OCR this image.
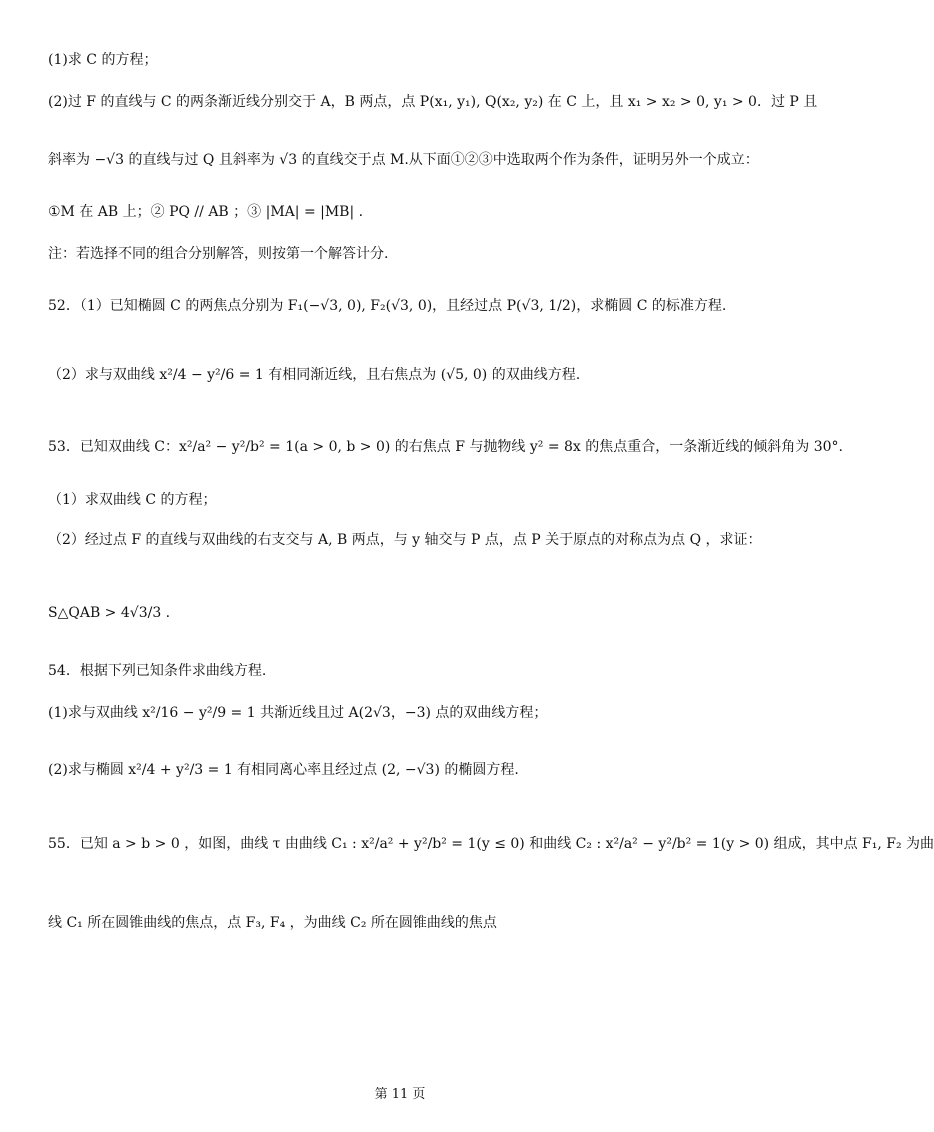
(1)求 C 的方程；
(2)过 F 的直线与 C 的两条渐近线分别交于 A，B 两点，点 P(x₁, y₁), Q(x₂, y₂) 在 C 上，且 x₁ > x₂ > 0, y₁ > 0．过 P 且
斜率为 −√3 的直线与过 Q 且斜率为 √3 的直线交于点 M.从下面①②③中选取两个作为条件，证明另外一个成立：
①M 在 AB 上；② PQ // AB ；③ |MA| = |MB| .
注：若选择不同的组合分别解答，则按第一个解答计分.
52．（1）已知椭圆 C 的两焦点分别为 F₁(−√3, 0), F₂(√3, 0)，且经过点 P(√3, 1/2)，求椭圆 C 的标准方程.
（2）求与双曲线 x²/4 − y²/6 = 1 有相同渐近线，且右焦点为 (√5, 0) 的双曲线方程.
53．已知双曲线 C：x²/a² − y²/b² = 1(a > 0, b > 0) 的右焦点 F 与抛物线 y² = 8x 的焦点重合，一条渐近线的倾斜角为 30°.
（1）求双曲线 C 的方程；
（2）经过点 F 的直线与双曲线的右支交与 A, B 两点，与 y 轴交与 P 点，点 P 关于原点的对称点为点 Q ，求证：
S△QAB > 4√3/3 .
54．根据下列已知条件求曲线方程.
(1)求与双曲线 x²/16 − y²/9 = 1 共渐近线且过 A(2√3，−3) 点的双曲线方程；
(2)求与椭圆 x²/4 + y²/3 = 1 有相同离心率且经过点 (2, −√3) 的椭圆方程.
55．已知 a > b > 0 ，如图，曲线 τ 由曲线 C₁ : x²/a² + y²/b² = 1(y ≤ 0) 和曲线 C₂ : x²/a² − y²/b² = 1(y > 0) 组成，其中点 F₁, F₂ 为曲
线 C₁ 所在圆锥曲线的焦点，点 F₃, F₄ ，为曲线 C₂ 所在圆锥曲线的焦点
第 11 页
